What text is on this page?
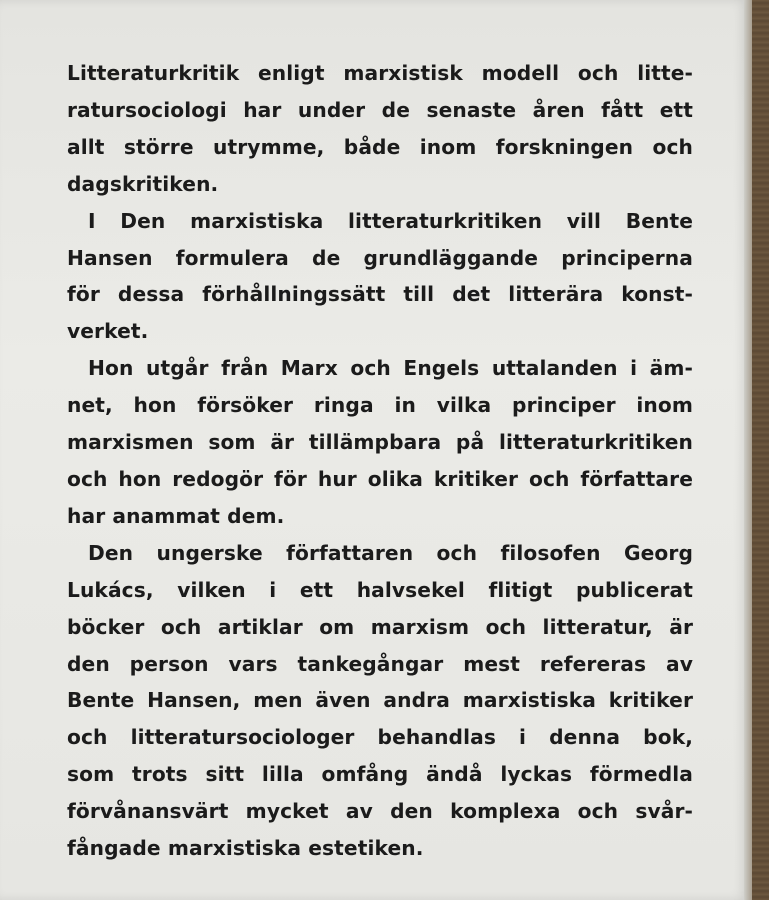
Litteraturkritik enligt marxistisk modell och litte-
ratursociologi har under de senaste åren fått ett
allt större utrymme, både inom forskningen och
dagskritiken.

I Den marxistiska litteraturkritiken vill Bente
Hansen formulera de grundläggande principerna
för dessa förhållningssätt till det litterära konst-
verket.

Hon utgår från Marx och Engels uttalanden i äm-
net, hon försöker ringa in vilka principer inom
marxismen som är tillämpbara på litteraturkritiken
och hon redogör för hur olika kritiker och författare
har anammat dem.

Den ungerske författaren och filosofen Georg
Lukács, vilken i ett halvsekel flitigt publicerat
böcker och artiklar om marxism och litteratur, är
den person vars tankegångar mest refereras av
Bente Hansen, men även andra marxistiska kritiker
och litteratursociologer behandlas i denna bok,
som trots sitt lilla omfång ändå lyckas förmedla
förvånansvärt mycket av den komplexa och svår-
fångade marxistiska estetiken.
